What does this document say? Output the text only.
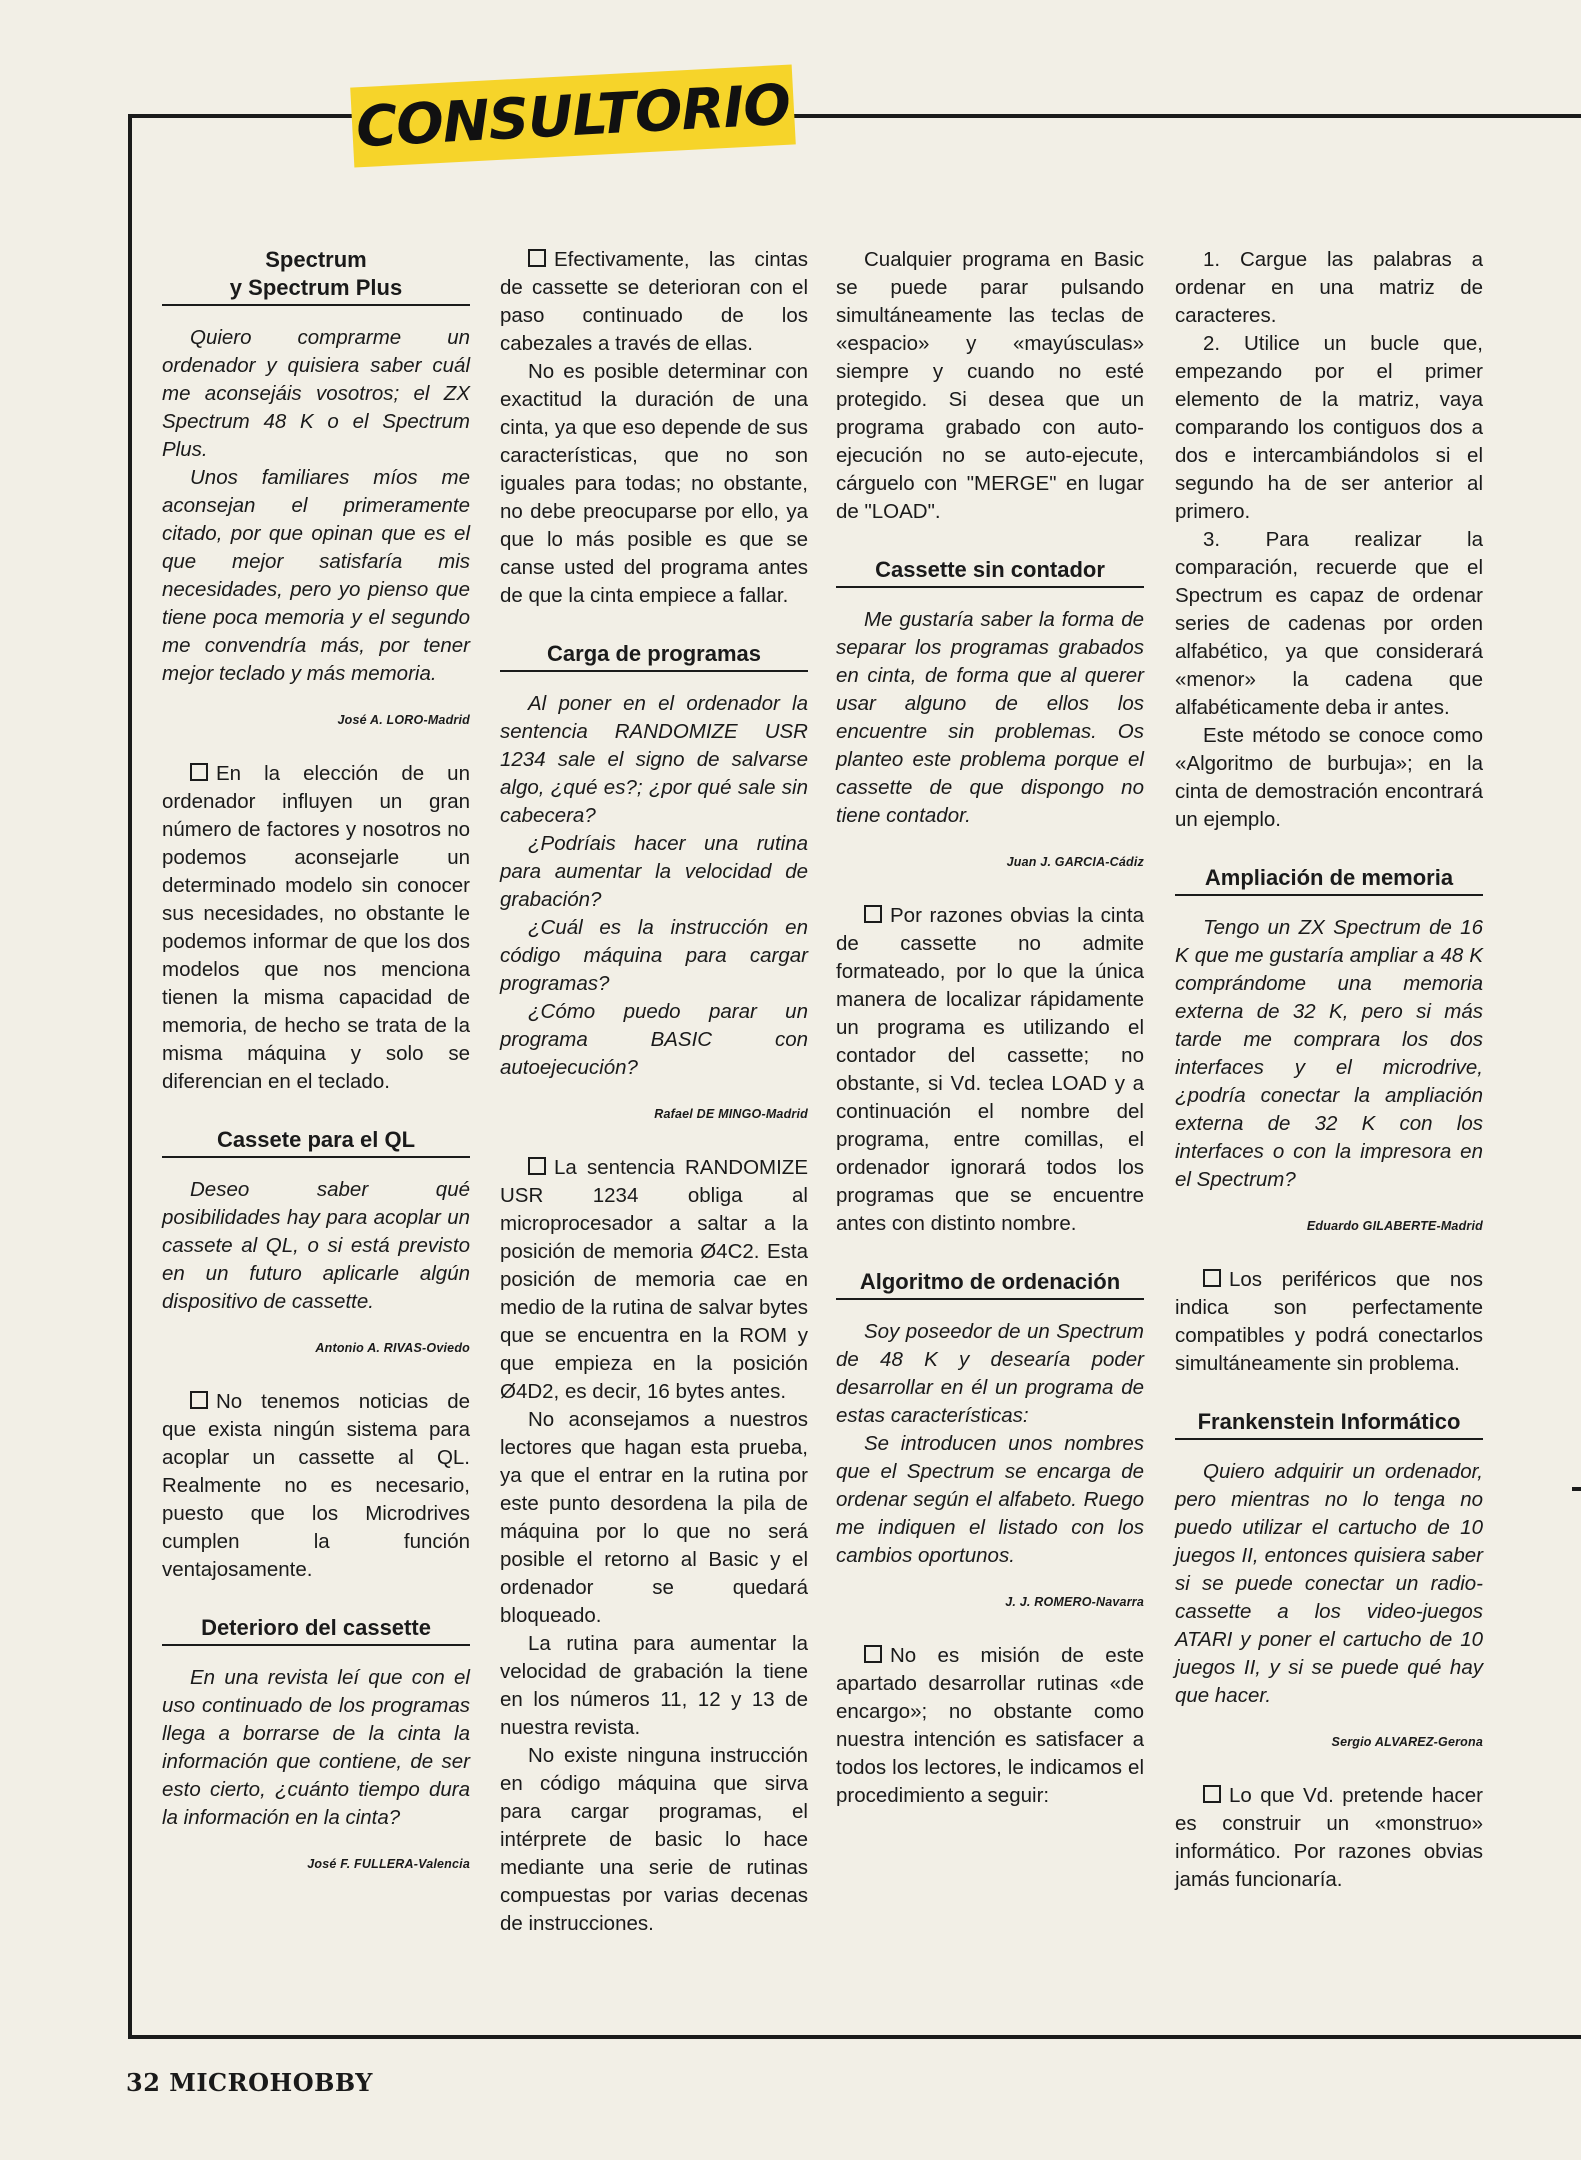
CONSULTORIO
Spectrum
y Spectrum Plus

Quiero comprarme un ordenador y quisiera saber cuál me aconsejáis vosotros; el ZX Spectrum 48 K o el Spectrum Plus.

Unos familiares míos me aconsejan el primeramente citado, por que opinan que es el que mejor satisfaría mis necesidades, pero yo pienso que tiene poca memoria y el segundo me convendría más, por tener mejor teclado y más memoria.

José A. LORO-Madrid

En la elección de un ordenador influyen un gran número de factores y nosotros no podemos aconsejarle un determinado modelo sin conocer sus necesidades, no obstante le podemos informar de que los dos modelos que nos menciona tienen la misma capacidad de memoria, de hecho se trata de la misma máquina y solo se diferencian en el teclado.

Cassete para el QL

Deseo saber qué posibilidades hay para acoplar un cassete al QL, o si está previsto en un futuro aplicarle algún dispositivo de cassette.

Antonio A. RIVAS-Oviedo

No tenemos noticias de que exista ningún sistema para acoplar un cassette al QL. Realmente no es necesario, puesto que los Microdrives cumplen la función ventajosamente.

Deterioro del cassette

En una revista leí que con el uso continuado de los programas llega a borrarse de la cinta la información que contiene, de ser esto cierto, ¿cuánto tiempo dura la información en la cinta?

José F. FULLERA-Valencia

Efectivamente, las cintas de cassette se deterioran con el paso continuado de los cabezales a través de ellas.

No es posible determinar con exactitud la duración de una cinta, ya que eso depende de sus características, que no son iguales para todas; no obstante, no debe preocuparse por ello, ya que lo más posible es que se canse usted del programa antes de que la cinta empiece a fallar.

Carga de programas

Al poner en el ordenador la sentencia RANDOMIZE USR 1234 sale el signo de salvarse algo, ¿qué es?; ¿por qué sale sin cabecera?

¿Podríais hacer una rutina para aumentar la velocidad de grabación?

¿Cuál es la instrucción en código máquina para cargar programas?

¿Cómo puedo parar un programa BASIC con autoejecución?

Rafael DE MINGO-Madrid

La sentencia RANDOMIZE USR 1234 obliga al microprocesador a saltar a la posición de memoria Ø4C2. Esta posición de memoria cae en medio de la rutina de salvar bytes que se encuentra en la ROM y que empieza en la posición Ø4D2, es decir, 16 bytes antes.

No aconsejamos a nuestros lectores que hagan esta prueba, ya que el entrar en la rutina por este punto desordena la pila de máquina por lo que no será posible el retorno al Basic y el ordenador se quedará bloqueado.

La rutina para aumentar la velocidad de grabación la tiene en los números 11, 12 y 13 de nuestra revista.

No existe ninguna instrucción en código máquina que sirva para cargar programas, el intérprete de basic lo hace mediante una serie de rutinas compuestas por varias decenas de instrucciones.

Cualquier programa en Basic se puede parar pulsando simultáneamente las teclas de «espacio» y «mayúsculas» siempre y cuando no esté protegido. Si desea que un programa grabado con auto-ejecución no se auto-ejecute, cárguelo con "MERGE" en lugar de "LOAD".

Cassette sin contador

Me gustaría saber la forma de separar los programas grabados en cinta, de forma que al querer usar alguno de ellos los encuentre sin problemas. Os planteo este problema porque el cassette de que dispongo no tiene contador.

Juan J. GARCIA-Cádiz

Por razones obvias la cinta de cassette no admite formateado, por lo que la única manera de localizar rápidamente un programa es utilizando el contador del cassette; no obstante, si Vd. teclea LOAD y a continuación el nombre del programa, entre comillas, el ordenador ignorará todos los programas que se encuentre antes con distinto nombre.

Algoritmo de ordenación

Soy poseedor de un Spectrum de 48 K y desearía poder desarrollar en él un programa de estas características:

Se introducen unos nombres que el Spectrum se encarga de ordenar según el alfabeto. Ruego me indiquen el listado con los cambios oportunos.

J. J. ROMERO-Navarra

No es misión de este apartado desarrollar rutinas «de encargo»; no obstante como nuestra intención es satisfacer a todos los lectores, le indicamos el procedimiento a seguir:

1. Cargue las palabras a ordenar en una matriz de caracteres.

2. Utilice un bucle que, empezando por el primer elemento de la matriz, vaya comparando los contiguos dos a dos e intercambiándolos si el segundo ha de ser anterior al primero.

3. Para realizar la comparación, recuerde que el Spectrum es capaz de ordenar series de cadenas por orden alfabético, ya que considerará «menor» la cadena que alfabéticamente deba ir antes.

Este método se conoce como «Algoritmo de burbuja»; en la cinta de demostración encontrará un ejemplo.

Ampliación de memoria

Tengo un ZX Spectrum de 16 K que me gustaría ampliar a 48 K comprándome una memoria externa de 32 K, pero si más tarde me comprara los dos interfaces y el microdrive, ¿podría conectar la ampliación externa de 32 K con los interfaces o con la impresora en el Spectrum?

Eduardo GILABERTE-Madrid

Los periféricos que nos indica son perfectamente compatibles y podrá conectarlos simultáneamente sin problema.

Frankenstein Informático

Quiero adquirir un ordenador, pero mientras no lo tenga no puedo utilizar el cartucho de 10 juegos II, entonces quisiera saber si se puede conectar un radio-cassette a los video-juegos ATARI y poner el cartucho de 10 juegos II, y si se puede qué hay que hacer.

Sergio ALVAREZ-Gerona

Lo que Vd. pretende hacer es construir un «monstruo» informático. Por razones obvias jamás funcionaría.

32 MICROHOBBY
